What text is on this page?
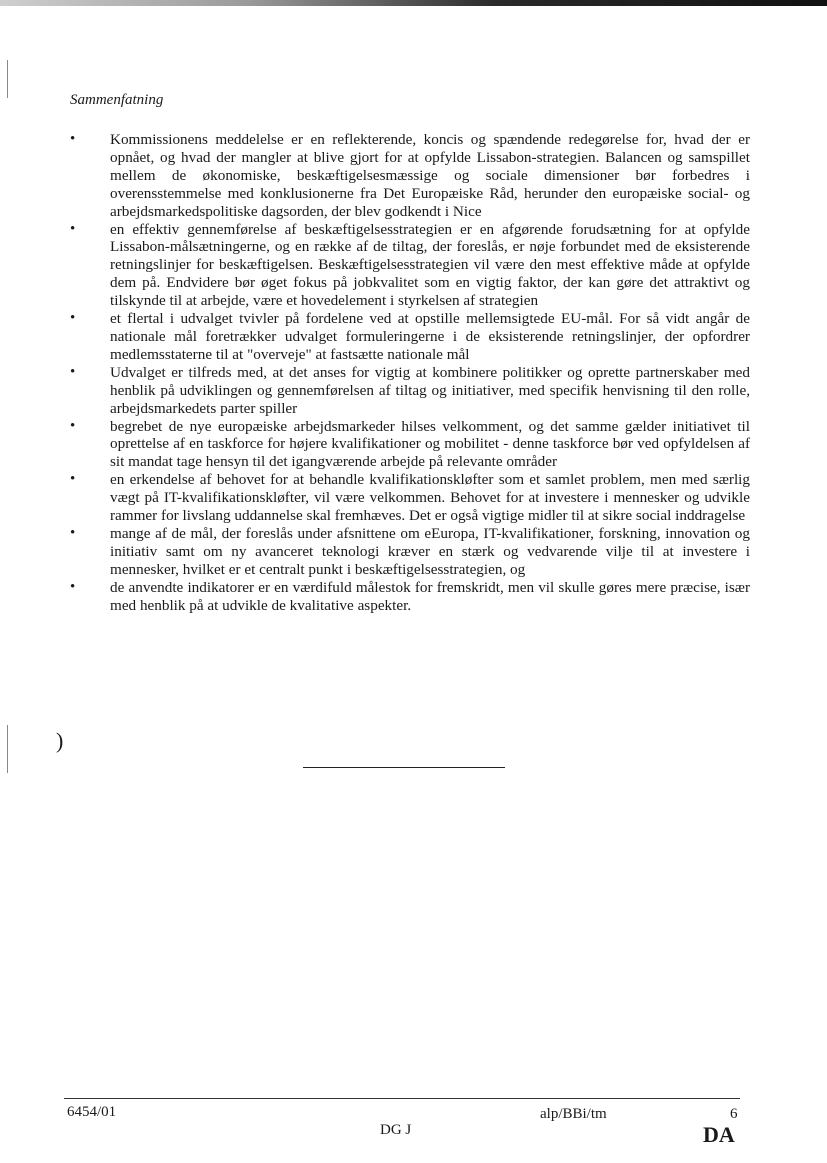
Sammenfatning

• Kommissionens meddelelse er en reflekterende, koncis og spændende redegørelse for, hvad der er opnået, og hvad der mangler at blive gjort for at opfylde Lissabon-strategien. Balancen og samspillet mellem de økonomiske, beskæftigelsesmæssige og sociale dimensioner bør forbedres i overensstemmelse med konklusionerne fra Det Europæiske Råd, herunder den europæiske social- og arbejdsmarkedspolitiske dagsorden, der blev godkendt i Nice
• en effektiv gennemførelse af beskæftigelsesstrategien er en afgørende forudsætning for at opfylde Lissabon-målsætningerne, og en række af de tiltag, der foreslås, er nøje forbundet med de eksisterende retningslinjer for beskæftigelsen. Beskæftigelsesstrategien vil være den mest effektive måde at opfylde dem på. Endvidere bør øget fokus på jobkvalitet som en vigtig faktor, der kan gøre det attraktivt og tilskynde til at arbejde, være et hovedelement i styrkelsen af strategien
• et flertal i udvalget tvivler på fordelene ved at opstille mellemsigtede EU-mål. For så vidt angår de nationale mål foretrækker udvalget formuleringerne i de eksisterende retningslinjer, der opfordrer medlemsstaterne til at "overveje" at fastsætte nationale mål
• Udvalget er tilfreds med, at det anses for vigtig at kombinere politikker og oprette partnerskaber med henblik på udviklingen og gennemførelsen af tiltag og initiativer, med specifik henvisning til den rolle, arbejdsmarkedets parter spiller
• begrebet de nye europæiske arbejdsmarkeder hilses velkomment, og det samme gælder initiativet til oprettelse af en taskforce for højere kvalifikationer og mobilitet - denne taskforce bør ved opfyldelsen af sit mandat tage hensyn til det igangværende arbejde på relevante områder
• en erkendelse af behovet for at behandle kvalifikationskløfter som et samlet problem, men med særlig vægt på IT-kvalifikationskløfter, vil være velkommen. Behovet for at investere i mennesker og udvikle rammer for livslang uddannelse skal fremhæves. Det er også vigtige midler til at sikre social inddragelse
• mange af de mål, der foreslås under afsnittene om eEuropa, IT-kvalifikationer, forskning, innovation og initiativ samt om ny avanceret teknologi kræver en stærk og vedvarende vilje til at investere i mennesker, hvilket er et centralt punkt i beskæftigelsesstrategien, og
• de anvendte indikatorer er en værdifuld målestok for fremskridt, men vil skulle gøres mere præcise, især med henblik på at udvikle de kvalitative aspekter.
)
6454/01
DG J
alp/BBi/tm	6
DA
